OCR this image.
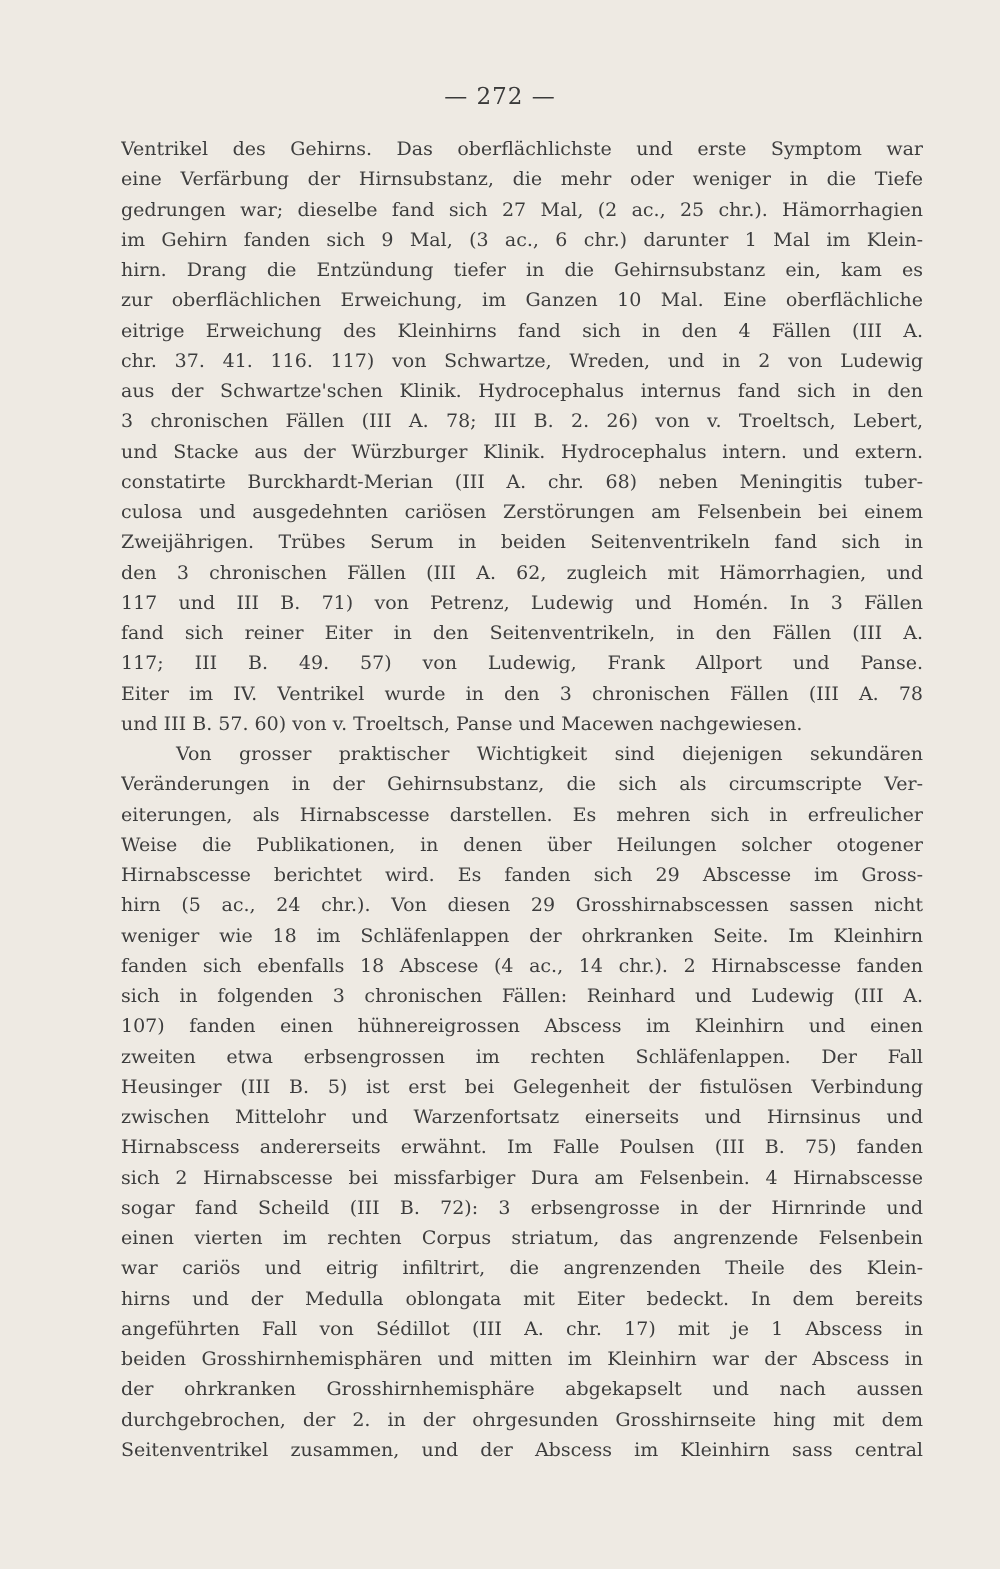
— 272 —
Ventrikel des Gehirns. Das oberflächlichste und erste Symptom war
eine Verfärbung der Hirnsubstanz, die mehr oder weniger in die Tiefe
gedrungen war; dieselbe fand sich 27 Mal, (2 ac., 25 chr.). Hämorrhagien
im Gehirn fanden sich 9 Mal, (3 ac., 6 chr.) darunter 1 Mal im Klein-
hirn. Drang die Entzündung tiefer in die Gehirnsubstanz ein, kam es
zur oberflächlichen Erweichung, im Ganzen 10 Mal. Eine oberflächliche
eitrige Erweichung des Kleinhirns fand sich in den 4 Fällen (III A.
chr. 37. 41. 116. 117) von Schwartze, Wreden, und in 2 von Ludewig
aus der Schwartze'schen Klinik. Hydrocephalus internus fand sich in den
3 chronischen Fällen (III A. 78; III B. 2. 26) von v. Troeltsch, Lebert,
und Stacke aus der Würzburger Klinik. Hydrocephalus intern. und extern.
constatirte Burckhardt-Merian (III A. chr. 68) neben Meningitis tuber-
culosa und ausgedehnten cariösen Zerstörungen am Felsenbein bei einem
Zweijährigen. Trübes Serum in beiden Seitenventrikeln fand sich in
den 3 chronischen Fällen (III A. 62, zugleich mit Hämorrhagien, und
117 und III B. 71) von Petrenz, Ludewig und Homén. In 3 Fällen
fand sich reiner Eiter in den Seitenventrikeln, in den Fällen (III A.
117; III B. 49. 57) von Ludewig, Frank Allport und Panse.
Eiter im IV. Ventrikel wurde in den 3 chronischen Fällen (III A. 78
und III B. 57. 60) von v. Troeltsch, Panse und Macewen nachgewiesen.
Von grosser praktischer Wichtigkeit sind diejenigen sekundären
Veränderungen in der Gehirnsubstanz, die sich als circumscripte Ver-
eiterungen, als Hirnabscesse darstellen. Es mehren sich in erfreulicher
Weise die Publikationen, in denen über Heilungen solcher otogener
Hirnabscesse berichtet wird. Es fanden sich 29 Abscesse im Gross-
hirn (5 ac., 24 chr.). Von diesen 29 Grosshirnabscessen sassen nicht
weniger wie 18 im Schläfenlappen der ohrkranken Seite. Im Kleinhirn
fanden sich ebenfalls 18 Abscese (4 ac., 14 chr.). 2 Hirnabscesse fanden
sich in folgenden 3 chronischen Fällen: Reinhard und Ludewig (III A.
107) fanden einen hühnereigrossen Abscess im Kleinhirn und einen
zweiten etwa erbsengrossen im rechten Schläfenlappen. Der Fall
Heusinger (III B. 5) ist erst bei Gelegenheit der fistulösen Verbindung
zwischen Mittelohr und Warzenfortsatz einerseits und Hirnsinus und
Hirnabscess andererseits erwähnt. Im Falle Poulsen (III B. 75) fanden
sich 2 Hirnabscesse bei missfarbiger Dura am Felsenbein. 4 Hirnabscesse
sogar fand Scheild (III B. 72): 3 erbsengrosse in der Hirnrinde und
einen vierten im rechten Corpus striatum, das angrenzende Felsenbein
war cariös und eitrig infiltrirt, die angrenzenden Theile des Klein-
hirns und der Medulla oblongata mit Eiter bedeckt. In dem bereits
angeführten Fall von Sédillot (III A. chr. 17) mit je 1 Abscess in
beiden Grosshirnhemisphären und mitten im Kleinhirn war der Abscess in
der ohrkranken Grosshirnhemisphäre abgekapselt und nach aussen
durchgebrochen, der 2. in der ohrgesunden Grosshirnseite hing mit dem
Seitenventrikel zusammen, und der Abscess im Kleinhirn sass central
